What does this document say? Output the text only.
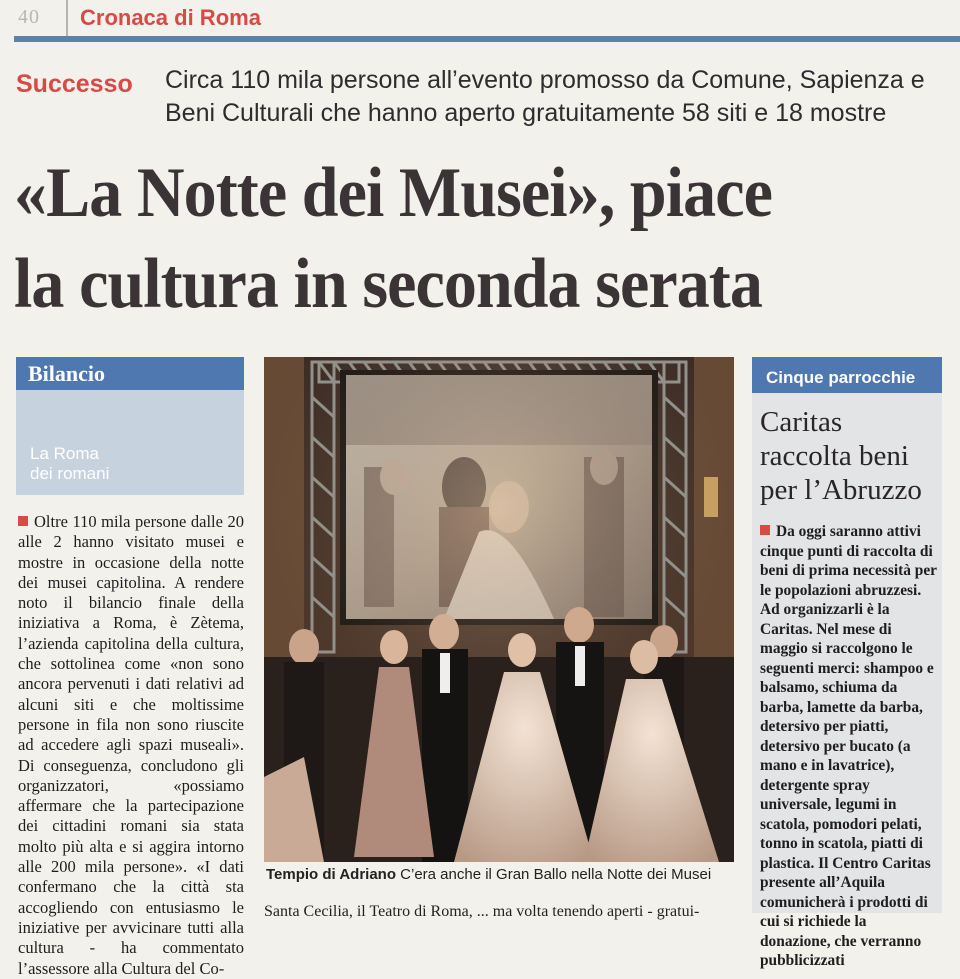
40 Cronaca di Roma
Successo Circa 110 mila persone all’evento promosso da Comune, Sapienza e Beni Culturali che hanno aperto gratuitamente 58 siti e 18 mostre
«La Notte dei Musei», piace
la cultura in seconda serata
Bilancio
La Roma
dei romani
Oltre 110 mila persone dalle 20 alle 2 hanno visitato musei e mostre in occasione della notte dei musei capitolina. A rendere noto il bilancio finale della iniziativa a Roma, è Zètema, l’azienda capitolina della cultura, che sottolinea come «non sono ancora pervenuti i dati relativi ad alcuni siti e che moltissime persone in fila non sono riuscite ad accedere agli spazi museali». Di conseguenza, concludono gli organizzatori, «possiamo affermare che la partecipazione dei cittadini romani sia stata molto più alta e si aggira intorno alle 200 mila persone». «I dati confermano che la città sta accogliendo con entusiasmo le iniziative per avvicinare tutti alla cultura - ha commentato l’assessore alla Cultura del Co-
Tempio di Adriano C’era anche il Gran Ballo nella Notte dei Musei
Santa Cecilia, il Teatro di Roma, ... ma volta tenendo aperti - gratui-
Cinque parrocchie
Caritas raccolta beni per l’Abruzzo
Da oggi saranno attivi cinque punti di raccolta di beni di prima necessità per le popolazioni abruzzesi. Ad organizzarli è la Caritas. Nel mese di maggio si raccolgono le seguenti merci: shampoo e balsamo, schiuma da barba, lamette da barba, detersivo per piatti, detersivo per bucato (a mano e in lavatrice), detergente spray universale, legumi in scatola, pomodori pelati, tonno in scatola, piatti di plastica. Il Centro Caritas presente all’Aquila comunicherà i prodotti di cui si richiede la donazione, che verranno pubblicizzati
